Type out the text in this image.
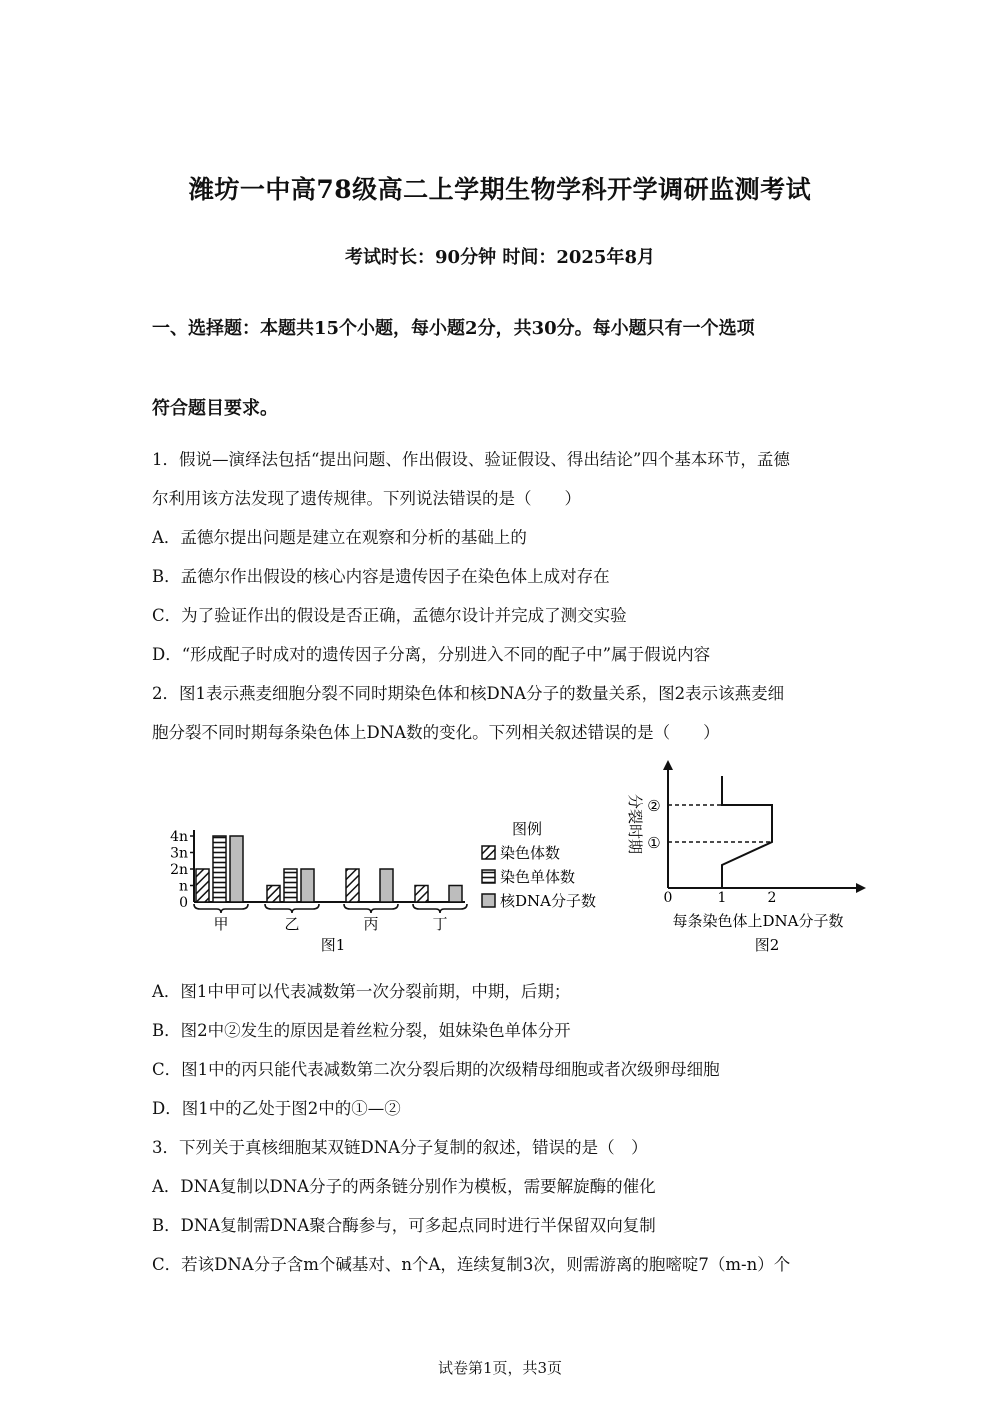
潍坊一中高78级高二上学期生物学科开学调研监测考试
考试时长：90分钟 时间：2025年8月
一、选择题：本题共15个小题，每小题2分，共30分。每小题只有一个选项
符合题目要求。
1．假说—演绎法包括“提出问题、作出假设、验证假设、得出结论”四个基本环节，孟德
尔利用该方法发现了遗传规律。下列说法错误的是（　　）
A．孟德尔提出问题是建立在观察和分析的基础上的
B．孟德尔作出假设的核心内容是遗传因子在染色体上成对存在
C．为了验证作出的假设是否正确，孟德尔设计并完成了测交实验
D．“形成配子时成对的遗传因子分离，分别进入不同的配子中”属于假说内容
2．图1表示燕麦细胞分裂不同时期染色体和核DNA分子的数量关系，图2表示该燕麦细
胞分裂不同时期每条染色体上DNA数的变化。下列相关叙述错误的是（　　）
4n
3n
2n
n
0
甲	乙	丙	丁
图例
染色体数
染色单体数
核DNA分子数
图1
②
①
0	1	2
每条染色体上DNA分子数
图2
分裂时期
A．图1中甲可以代表减数第一次分裂前期，中期，后期；
B．图2中②发生的原因是着丝粒分裂，姐妹染色单体分开
C．图1中的丙只能代表减数第二次分裂后期的次级精母细胞或者次级卵母细胞
D．图1中的乙处于图2中的①—②
3．下列关于真核细胞某双链DNA分子复制的叙述，错误的是（　）
A．DNA复制以DNA分子的两条链分别作为模板，需要解旋酶的催化
B．DNA复制需DNA聚合酶参与，可多起点同时进行半保留双向复制
C．若该DNA分子含m个碱基对、n个A，连续复制3次，则需游离的胞嘧啶7（m-n）个
试卷第1页，共3页
